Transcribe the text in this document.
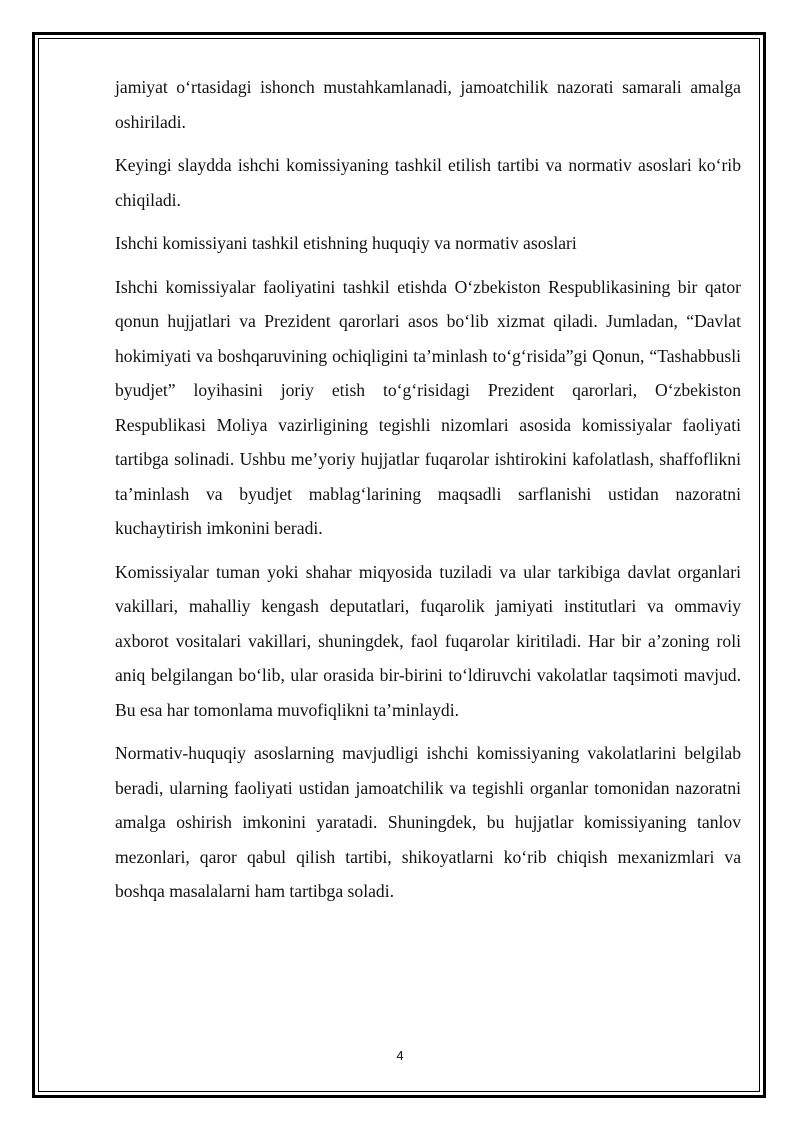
jamiyat o‘rtasidagi ishonch mustahkamlanadi, jamoatchilik nazorati samarali amalga oshiriladi.

Keyingi slaydda ishchi komissiyaning tashkil etilish tartibi va normativ asoslari ko‘rib chiqiladi.

Ishchi komissiyani tashkil etishning huquqiy va normativ asoslari

Ishchi komissiyalar faoliyatini tashkil etishda O‘zbekiston Respublikasining bir qator qonun hujjatlari va Prezident qarorlari asos bo‘lib xizmat qiladi. Jumladan, “Davlat hokimiyati va boshqaruvining ochiqligini ta’minlash to‘g‘risida”gi Qonun, “Tashabbusli byudjet” loyihasini joriy etish to‘g‘risidagi Prezident qarorlari, O‘zbekiston Respublikasi Moliya vazirligining tegishli nizomlari asosida komissiyalar faoliyati tartibga solinadi. Ushbu me’yoriy hujjatlar fuqarolar ishtirokini kafolatlash, shaffoflikni ta’minlash va byudjet mablag‘larining maqsadli sarflanishi ustidan nazoratni kuchaytirish imkonini beradi.

Komissiyalar tuman yoki shahar miqyosida tuziladi va ular tarkibiga davlat organlari vakillari, mahalliy kengash deputatlari, fuqarolik jamiyati institutlari va ommaviy axborot vositalari vakillari, shuningdek, faol fuqarolar kiritiladi. Har bir a’zoning roli aniq belgilangan bo‘lib, ular orasida bir-birini to‘ldiruvchi vakolatlar taqsimoti mavjud. Bu esa har tomonlama muvofiqlikni ta’minlaydi.

Normativ-huquqiy asoslarning mavjudligi ishchi komissiyaning vakolatlarini belgilab beradi, ularning faoliyati ustidan jamoatchilik va tegishli organlar tomonidan nazoratni amalga oshirish imkonini yaratadi. Shuningdek, bu hujjatlar komissiyaning tanlov mezonlari, qaror qabul qilish tartibi, shikoyatlarni ko‘rib chiqish mexanizmlari va boshqa masalalarni ham tartibga soladi.

4
